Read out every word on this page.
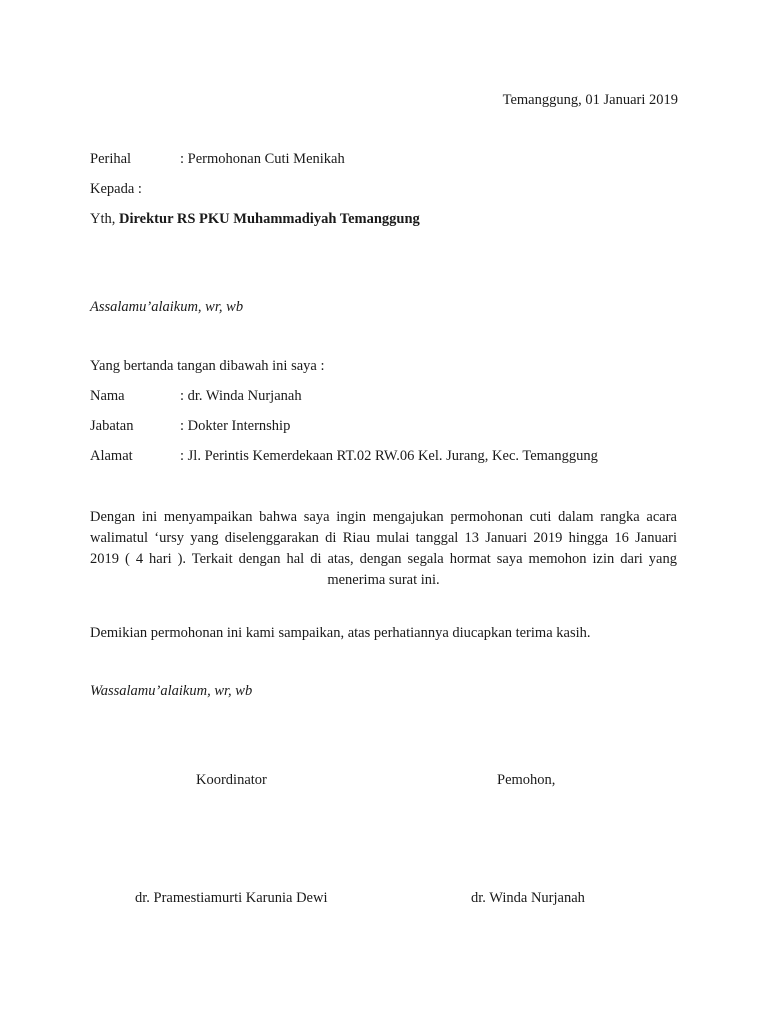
Temanggung, 01 Januari 2019
Perihal	: Permohonan Cuti Menikah
Kepada :
Yth, Direktur RS PKU Muhammadiyah Temanggung
Assalamu’alaikum, wr, wb
Yang bertanda tangan dibawah ini saya :
Nama	: dr. Winda Nurjanah
Jabatan	: Dokter Internship
Alamat	: Jl. Perintis Kemerdekaan RT.02 RW.06 Kel. Jurang, Kec. Temanggung
Dengan ini menyampaikan bahwa saya ingin mengajukan permohonan cuti dalam rangka acara
walimatul ‘ursy yang diselenggarakan di Riau mulai tanggal 13 Januari 2019 hingga 16 Januari
2019 ( 4 hari ). Terkait dengan hal di atas, dengan segala hormat saya memohon izin dari yang
menerima surat ini.
Demikian permohonan ini kami sampaikan, atas perhatiannya diucapkan terima kasih.
Wassalamu’alaikum, wr, wb
Koordinator	Pemohon,
dr. Pramestiamurti Karunia Dewi	dr. Winda Nurjanah
